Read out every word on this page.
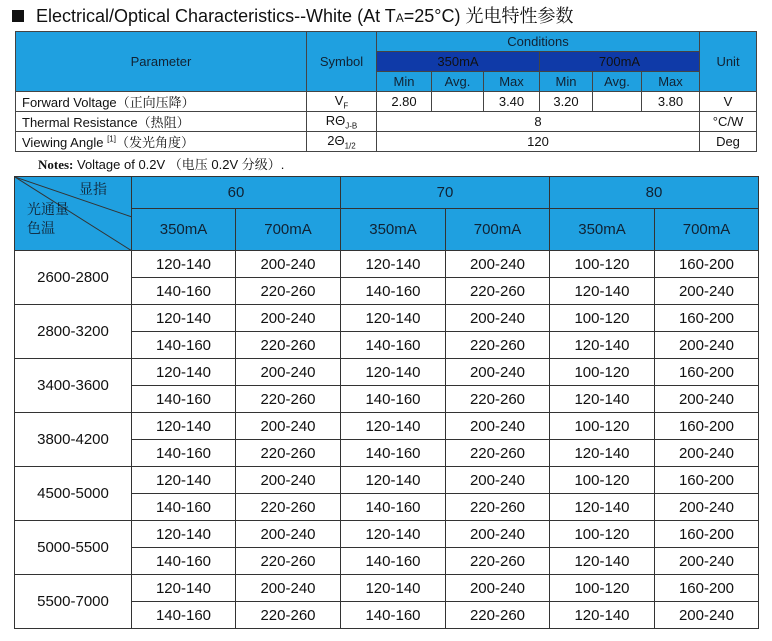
Electrical/Optical Characteristics--White (At TA=25°C) 光电特性参数
Parameter	Symbol	Conditions						Unit
		350mA			700mA			
		Min	Avg.	Max	Min	Avg.	Max	
Forward Voltage（正向压降）	$V_F$	2.80		3.40	3.20		3.80	V
Thermal Resistance（热阻）	$R\Theta_{J-B}$	8						°C/W
Viewing Angle [1]（发光角度）	$2\Theta_{1/2}$	120						Deg
Notes: Voltage of 0.2V （电压 0.2V 分级）.
显指
光通量
色温	60		70		80	
	350mA	700mA	350mA	700mA	350mA	700mA
2600-2800	120-140	200-240	120-140	200-240	100-120	160-200
	140-160	220-260	140-160	220-260	120-140	200-240
2800-3200	120-140	200-240	120-140	200-240	100-120	160-200
	140-160	220-260	140-160	220-260	120-140	200-240
3400-3600	120-140	200-240	120-140	200-240	100-120	160-200
	140-160	220-260	140-160	220-260	120-140	200-240
3800-4200	120-140	200-240	120-140	200-240	100-120	160-200
	140-160	220-260	140-160	220-260	120-140	200-240
4500-5000	120-140	200-240	120-140	200-240	100-120	160-200
	140-160	220-260	140-160	220-260	120-140	200-240
5000-5500	120-140	200-240	120-140	200-240	100-120	160-200
	140-160	220-260	140-160	220-260	120-140	200-240
5500-7000	120-140	200-240	120-140	200-240	100-120	160-200
	140-160	220-260	140-160	220-260	120-140	200-240
